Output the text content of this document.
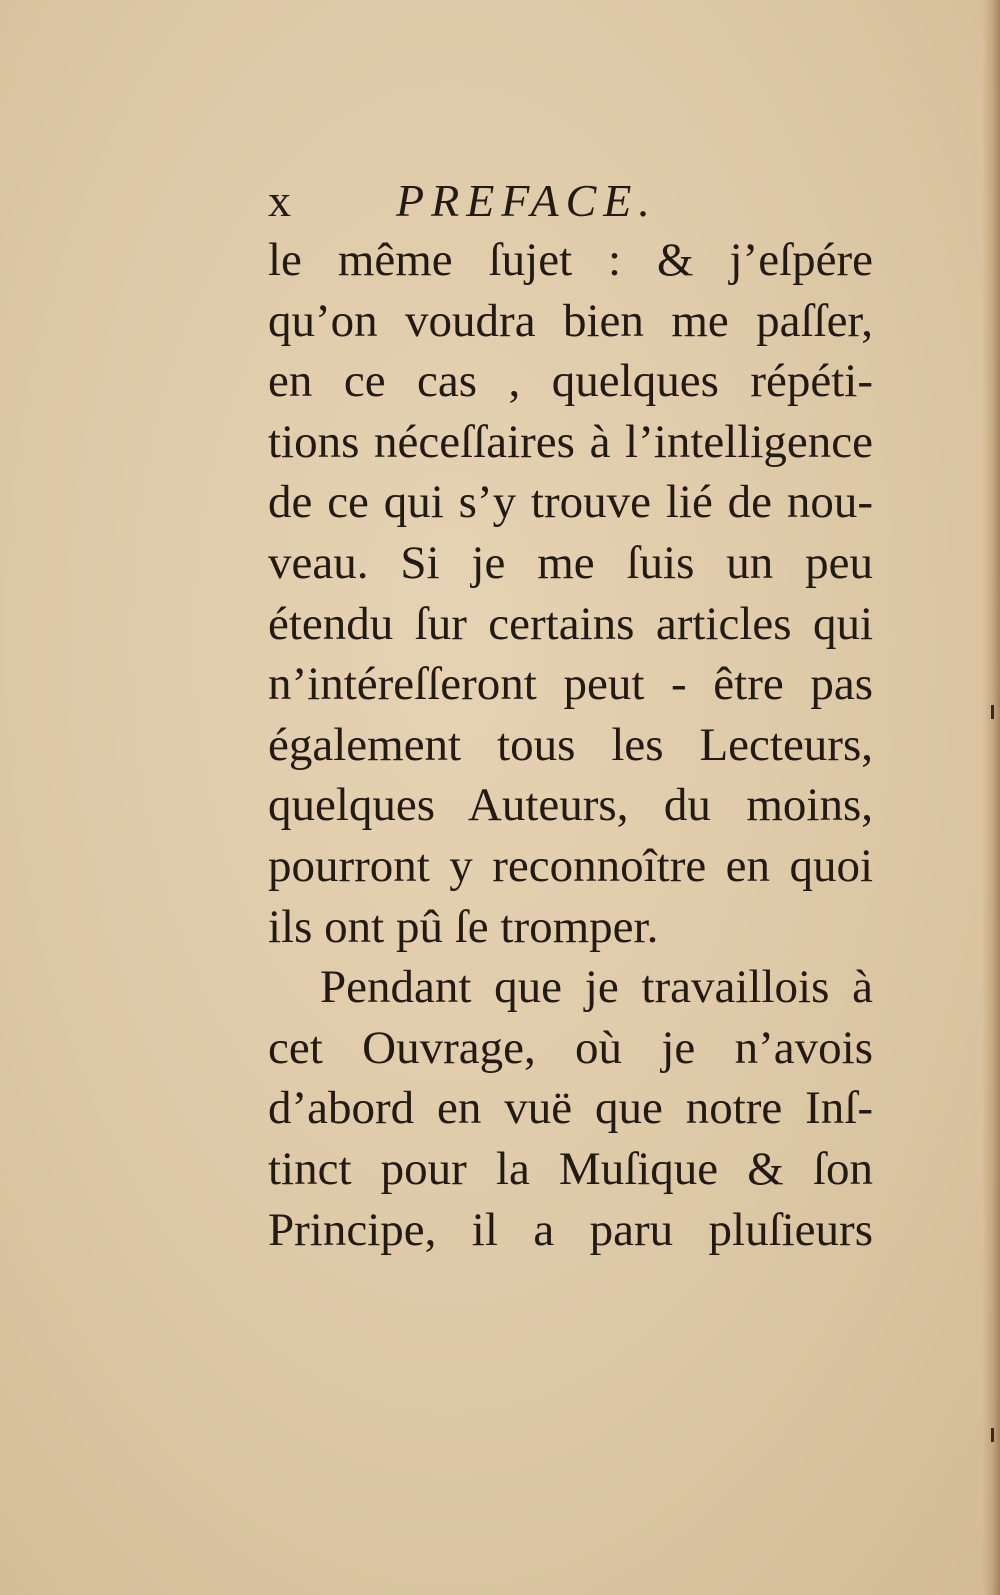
x	PREFACE.
le même ſujet : & j’eſpére
qu’on voudra bien me paſſer,
en ce cas , quelques répéti-
tions néceſſaires à l’intelligence
de ce qui s’y trouve lié de nou-
veau. Si je me ſuis un peu
étendu ſur certains articles qui
n’intéreſſeront peut - être pas
également tous les Lecteurs,
quelques Auteurs, du moins,
pourront y reconnoître en quoi
ils ont pû ſe tromper.
Pendant que je travaillois à
cet Ouvrage, où je n’avois
d’abord en vuë que notre Inſ-
tinct pour la Muſique & ſon
Principe, il a paru pluſieurs
